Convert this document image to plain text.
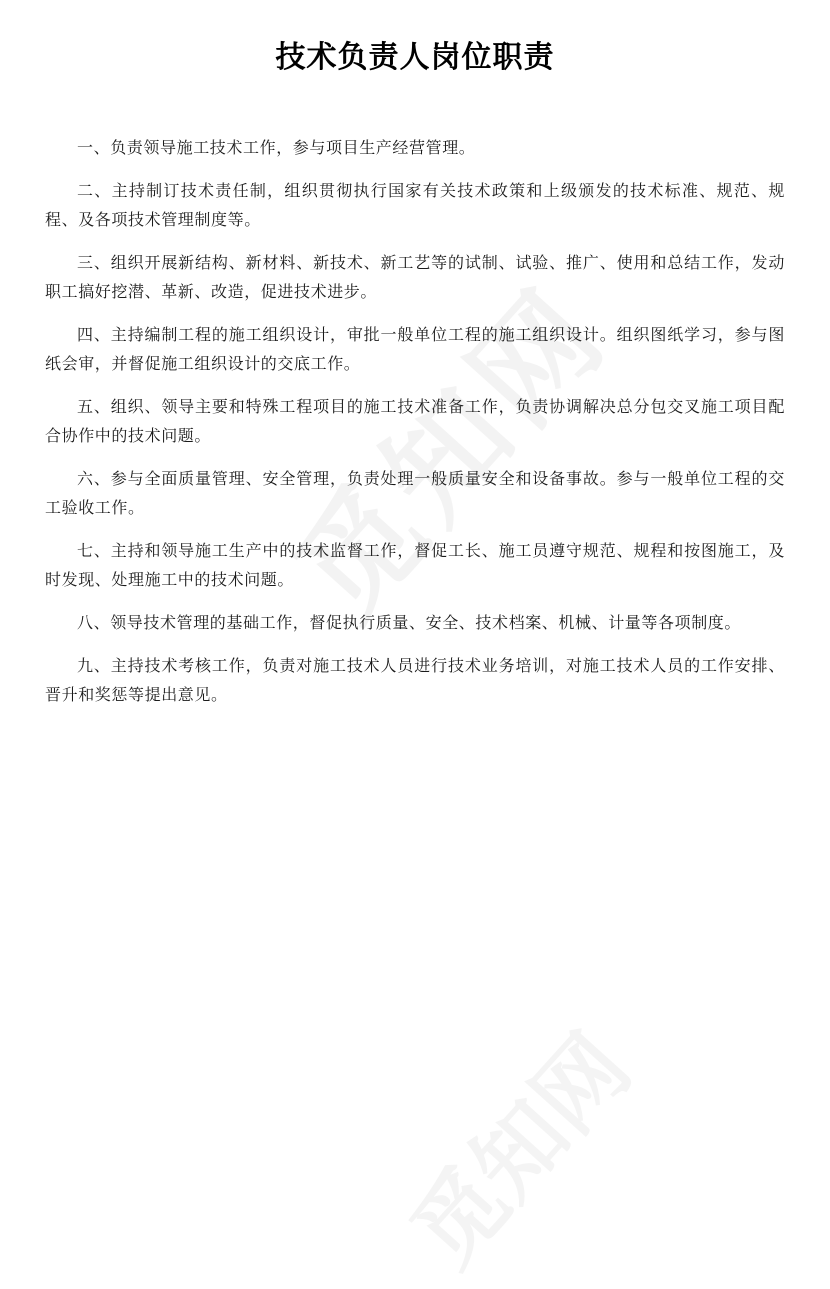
技术负责人岗位职责

一、负责领导施工技术工作，参与项目生产经营管理。

二、主持制订技术责任制，组织贯彻执行国家有关技术政策和上级颁发的技术标准、规范、规程、及各项技术管理制度等。

三、组织开展新结构、新材料、新技术、新工艺等的试制、试验、推广、使用和总结工作，发动职工搞好挖潜、革新、改造，促进技术进步。

四、主持编制工程的施工组织设计，审批一般单位工程的施工组织设计。组织图纸学习，参与图纸会审，并督促施工组织设计的交底工作。

五、组织、领导主要和特殊工程项目的施工技术准备工作，负责协调解决总分包交叉施工项目配合协作中的技术问题。

六、参与全面质量管理、安全管理，负责处理一般质量安全和设备事故。参与一般单位工程的交工验收工作。

七、主持和领导施工生产中的技术监督工作，督促工长、施工员遵守规范、规程和按图施工，及时发现、处理施工中的技术问题。

八、领导技术管理的基础工作，督促执行质量、安全、技术档案、机械、计量等各项制度。

九、主持技术考核工作，负责对施工技术人员进行技术业务培训，对施工技术人员的工作安排、晋升和奖惩等提出意见。
